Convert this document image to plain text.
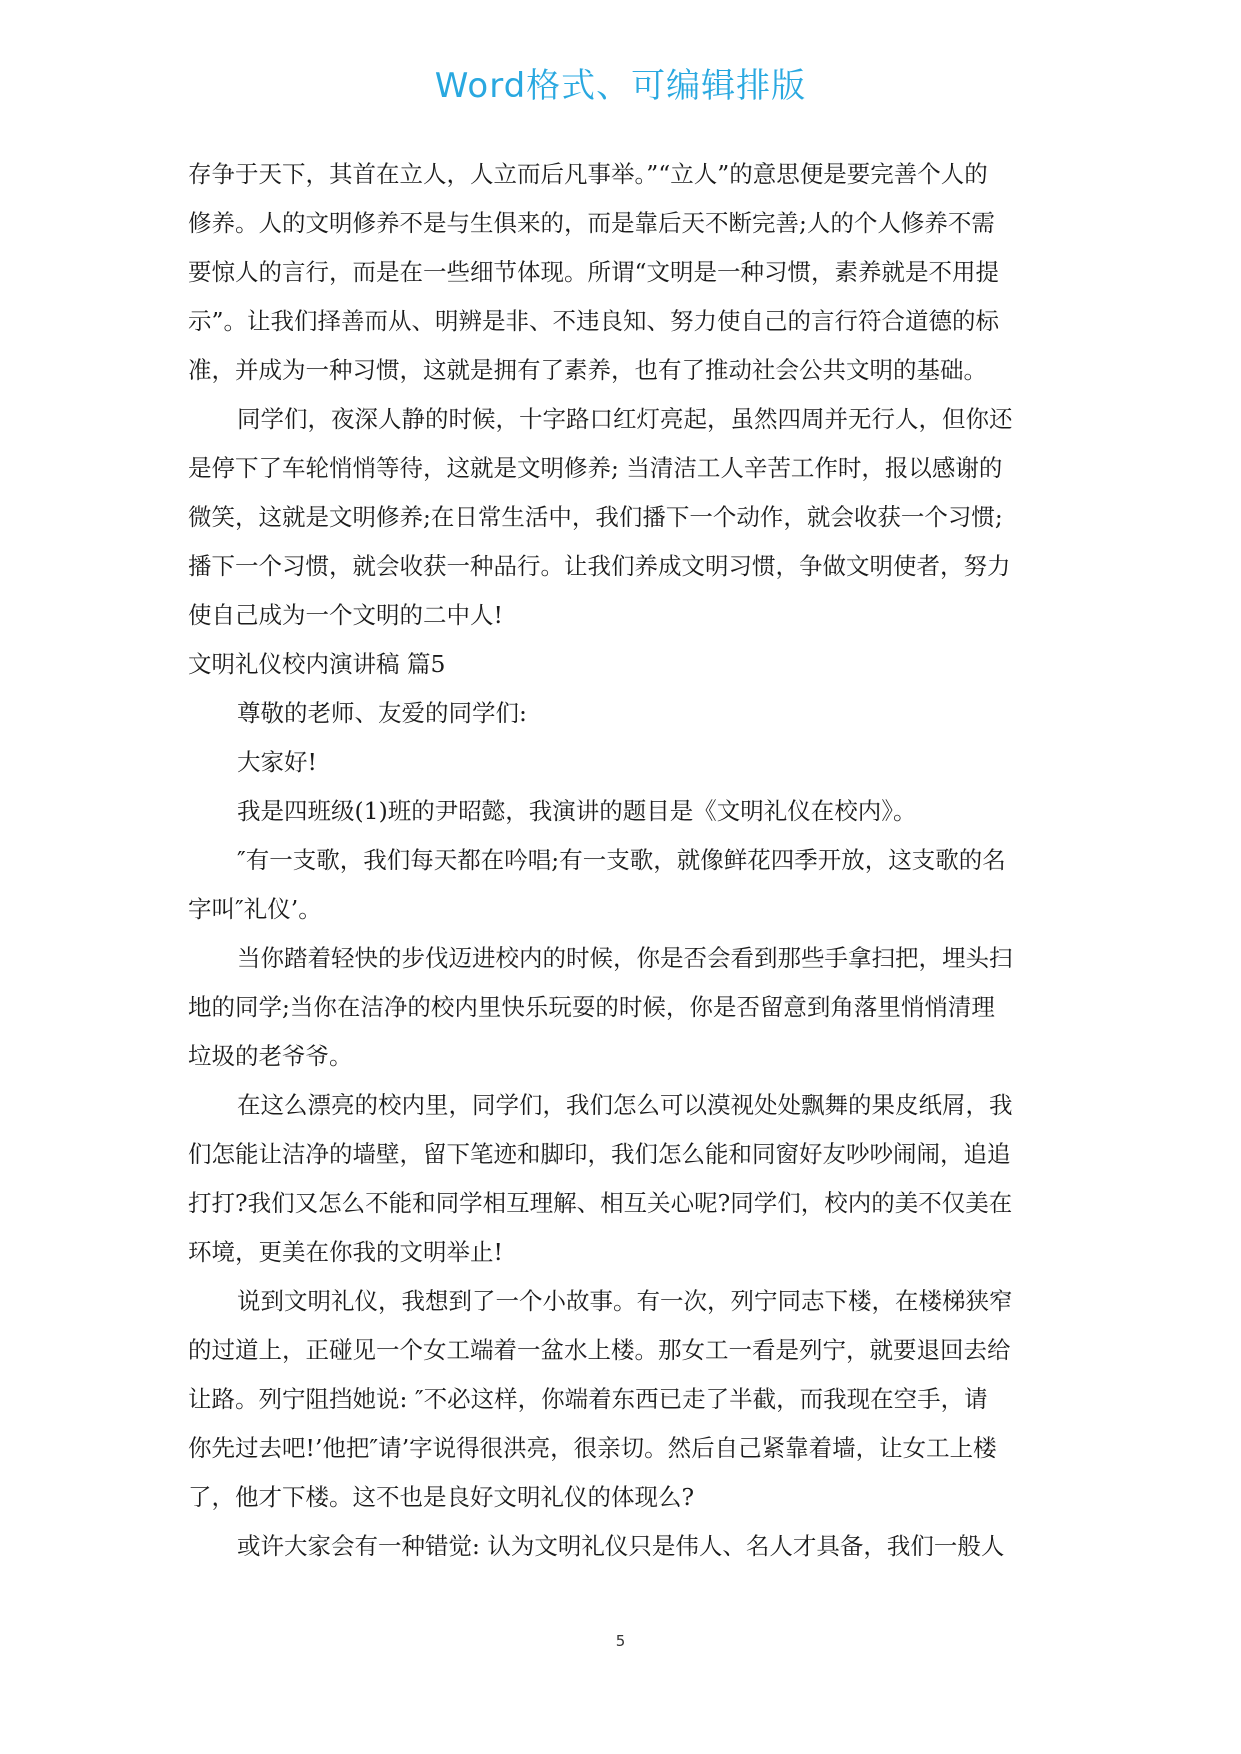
Word格式、可编辑排版
存争于天下，其首在立人，人立而后凡事举。”“立人”的意思便是要完善个人的
修养。人的文明修养不是与生俱来的，而是靠后天不断完善;人的个人修养不需
要惊人的言行，而是在一些细节体现。所谓“文明是一种习惯，素养就是不用提
示”。让我们择善而从、明辨是非、不违良知、努力使自己的言行符合道德的标
准，并成为一种习惯，这就是拥有了素养，也有了推动社会公共文明的基础。
同学们，夜深人静的时候，十字路口红灯亮起，虽然四周并无行人，但你还
是停下了车轮悄悄等待，这就是文明修养; 当清洁工人辛苦工作时，报以感谢的
微笑，这就是文明修养;在日常生活中，我们播下一个动作，就会收获一个习惯;
播下一个习惯，就会收获一种品行。让我们养成文明习惯，争做文明使者，努力
使自己成为一个文明的二中人!
文明礼仪校内演讲稿 篇5
尊敬的老师、友爱的同学们:
大家好!
我是四班级(1)班的尹昭懿，我演讲的题目是《文明礼仪在校内》。
″有一支歌，我们每天都在吟唱;有一支歌，就像鲜花四季开放，这支歌的名
字叫″礼仪’。
当你踏着轻快的步伐迈进校内的时候，你是否会看到那些手拿扫把，埋头扫
地的同学;当你在洁净的校内里快乐玩耍的时候，你是否留意到角落里悄悄清理
垃圾的老爷爷。
在这么漂亮的校内里，同学们，我们怎么可以漠视处处飘舞的果皮纸屑，我
们怎能让洁净的墙壁，留下笔迹和脚印，我们怎么能和同窗好友吵吵闹闹，追追
打打?我们又怎么不能和同学相互理解、相互关心呢?同学们，校内的美不仅美在
环境，更美在你我的文明举止!
说到文明礼仪，我想到了一个小故事。有一次，列宁同志下楼，在楼梯狭窄
的过道上，正碰见一个女工端着一盆水上楼。那女工一看是列宁，就要退回去给
让路。列宁阻挡她说: ″不必这样，你端着东西已走了半截，而我现在空手，请
你先过去吧!’他把″请’字说得很洪亮，很亲切。然后自己紧靠着墙，让女工上楼
了，他才下楼。这不也是良好文明礼仪的体现么?
或许大家会有一种错觉: 认为文明礼仪只是伟人、名人才具备，我们一般人
5
